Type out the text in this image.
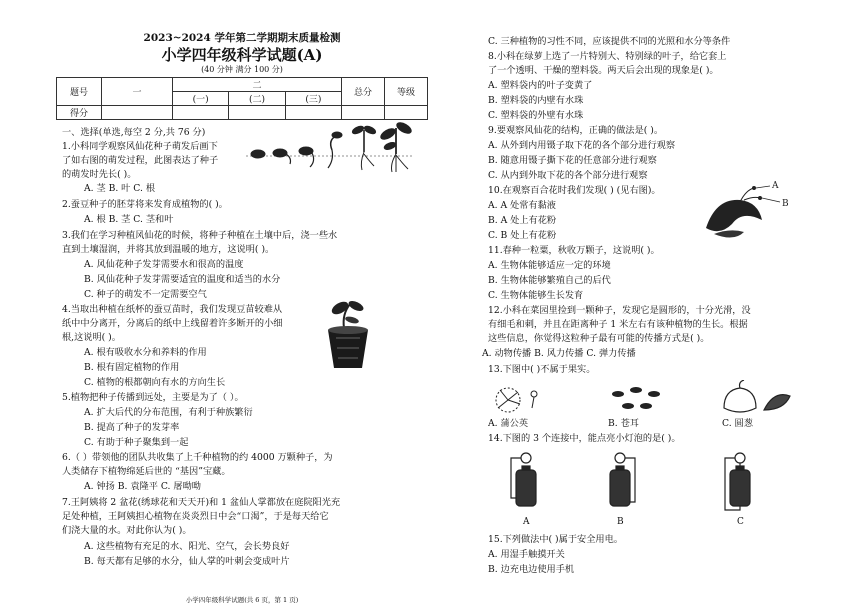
2023~2024 学年第二学期期末质量检测
小学四年级科学试题(A)
(40 分钟 满分 100 分)
题号	一	二			总分	等级
		(一)	(二)	(三)		
得分						
一、选择(单选,每空 2 分,共 76 分)
1.小科同学观察风仙花种子萌发后画下
了如右图的萌发过程，此图表达了种子
的萌发时先长( )。
A. 茎 B. 叶 C. 根
2.蚕豆种子的胚芽将来发育成植物的( )。
A. 根 B. 茎 C. 茎和叶
3.我们在学习种植风仙花的时候，将种子种植在土壤中后，浇一些水
直到土壤湿润，并将其放到温暖的地方，这说明( )。
A. 风仙花种子发芽需要水和很高的温度
B. 风仙花种子发芽需要适宜的温度和适当的水分
C. 种子的萌发不一定需要空气
4.当取出种植在纸杯的蚕豆苗时，我们发现豆苗较难从
纸中中分离开，分离后的纸中上线留着许多断开的小细
根,这说明( )。
A. 根有吸收水分和养料的作用
B. 根有固定植物的作用
C. 植物的根都朝向有水的方向生长
5.植物把种子传播到远处，主要是为了（ ）。
A. 扩大后代的分布范围，有利于种族繁衍
B. 提高了种子的发芽率
C. 有助于种子聚集到一起
6.（ ）带领他的团队共收集了上千种植物的约 4000 万颗种子，为
人类储存下植物绵延后世的 “基因”宝藏。
A. 钟扬 B. 袁隆平 C. 屠呦呦
7.王阿姨将 2 盆花(绣球花和天天开)和 1 盆仙人掌都放在庭院阳光充
足处种植，王阿姨担心植物在炎炎烈日中会“口渴”，于是每天给它
们浇大量的水。对此你认为( )。
A. 这些植物有充足的水、阳光、空气，会长势良好
B. 每天都有足够的水分，仙人掌的叶刺会变成叶片
小学四年级科学试题(共 6 页，第 1 页)
C. 三种植物的习性不同，应该提供不同的光照和水分等条件
8.小科在绿萝上选了一片特别大、特别绿的叶子，给它套上
了一个透明、干燥的塑料袋。两天后会出现的现象是( )。
A. 塑料袋内的叶子变黄了
B. 塑料袋的内壁有水珠
C. 塑料袋的外壁有水珠
9.要观察风仙花的结构，正确的做法是( )。
A. 从外到内用镊子取下花的各个部分进行观察
B. 随意用镊子撕下花的任意部分进行观察
C. 从内到外取下花的各个部分进行观察
10.在观察百合花时我们发现( ) (见右图)。
A. A 处常有黏液
B. A 处上有花粉
C. B 处上有花粉
11.春种一粒粟，秋收万颗子，这说明( )。
A. 生物体能够适应一定的环境
B. 生物体能够繁殖自己的后代
C. 生物体能够生长发育
12.小科在菜园里捡到一颗种子，发现它是圆形的，十分光滑，没
有细毛和刺，并且在距离种子 1 米左右有该种植物的生长。根据
这些信息，你觉得这粒种子最有可能的传播方式是( )。
A. 动物传播 B. 风力传播 C. 弹力传播
13.下图中( )不属于果实。
A
B
A. 蒲公英	B. 苍耳	C. 圆葱
14.下图的 3 个连接中，能点亮小灯泡的是( )。
A	B	C
15.下列做法中( )属于安全用电。
A. 用湿手触摸开关
B. 边充电边使用手机
